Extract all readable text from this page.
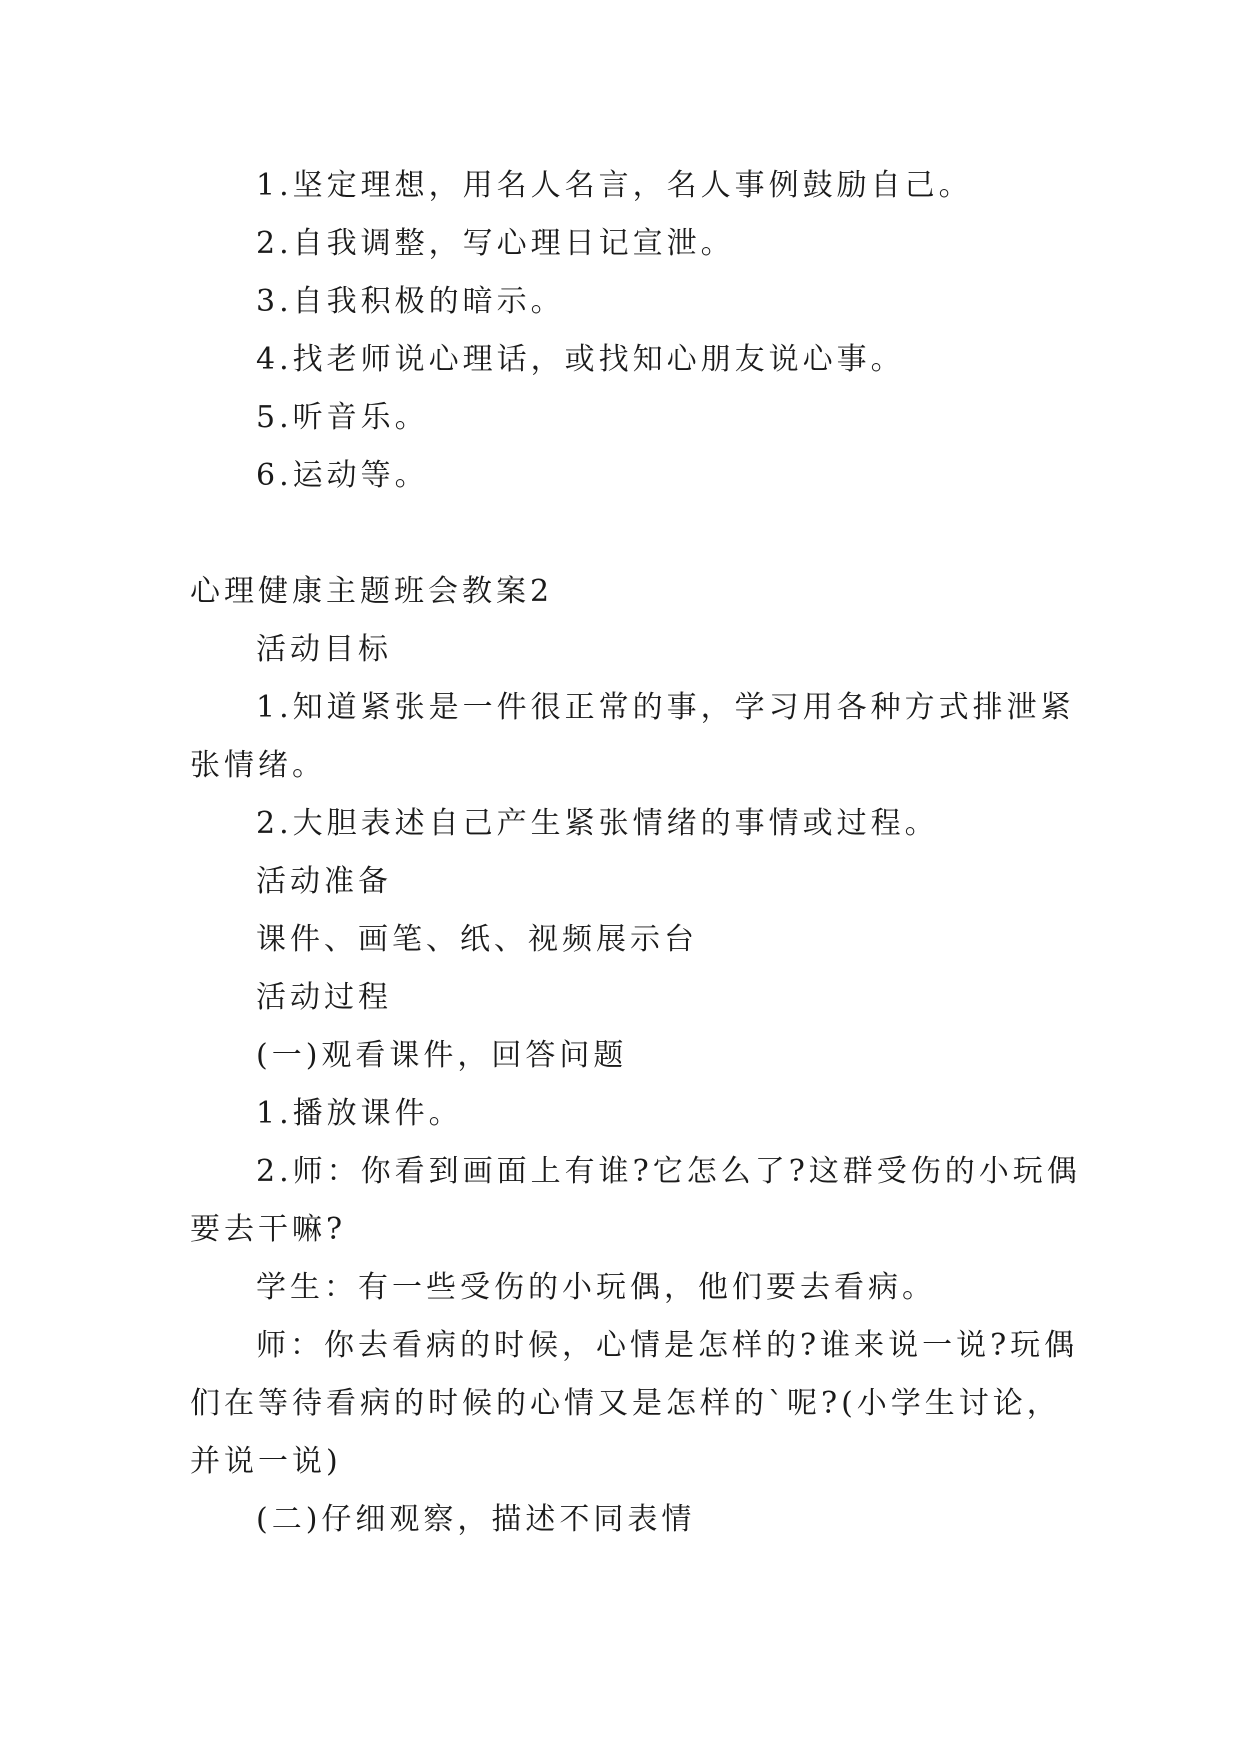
1.坚定理想，用名人名言，名人事例鼓励自己。
2.自我调整，写心理日记宣泄。
3.自我积极的暗示。
4.找老师说心理话，或找知心朋友说心事。
5.听音乐。
6.运动等。
心理健康主题班会教案2
活动目标
1.知道紧张是一件很正常的事，学习用各种方式排泄紧
张情绪。
2.大胆表述自己产生紧张情绪的事情或过程。
活动准备
课件、画笔、纸、视频展示台
活动过程
(一)观看课件，回答问题
1.播放课件。
2.师：你看到画面上有谁?它怎么了?这群受伤的小玩偶
要去干嘛?
学生：有一些受伤的小玩偶，他们要去看病。
师：你去看病的时候，心情是怎样的?谁来说一说?玩偶
们在等待看病的时候的心情又是怎样的`呢?(小学生讨论，
并说一说)
(二)仔细观察，描述不同表情
